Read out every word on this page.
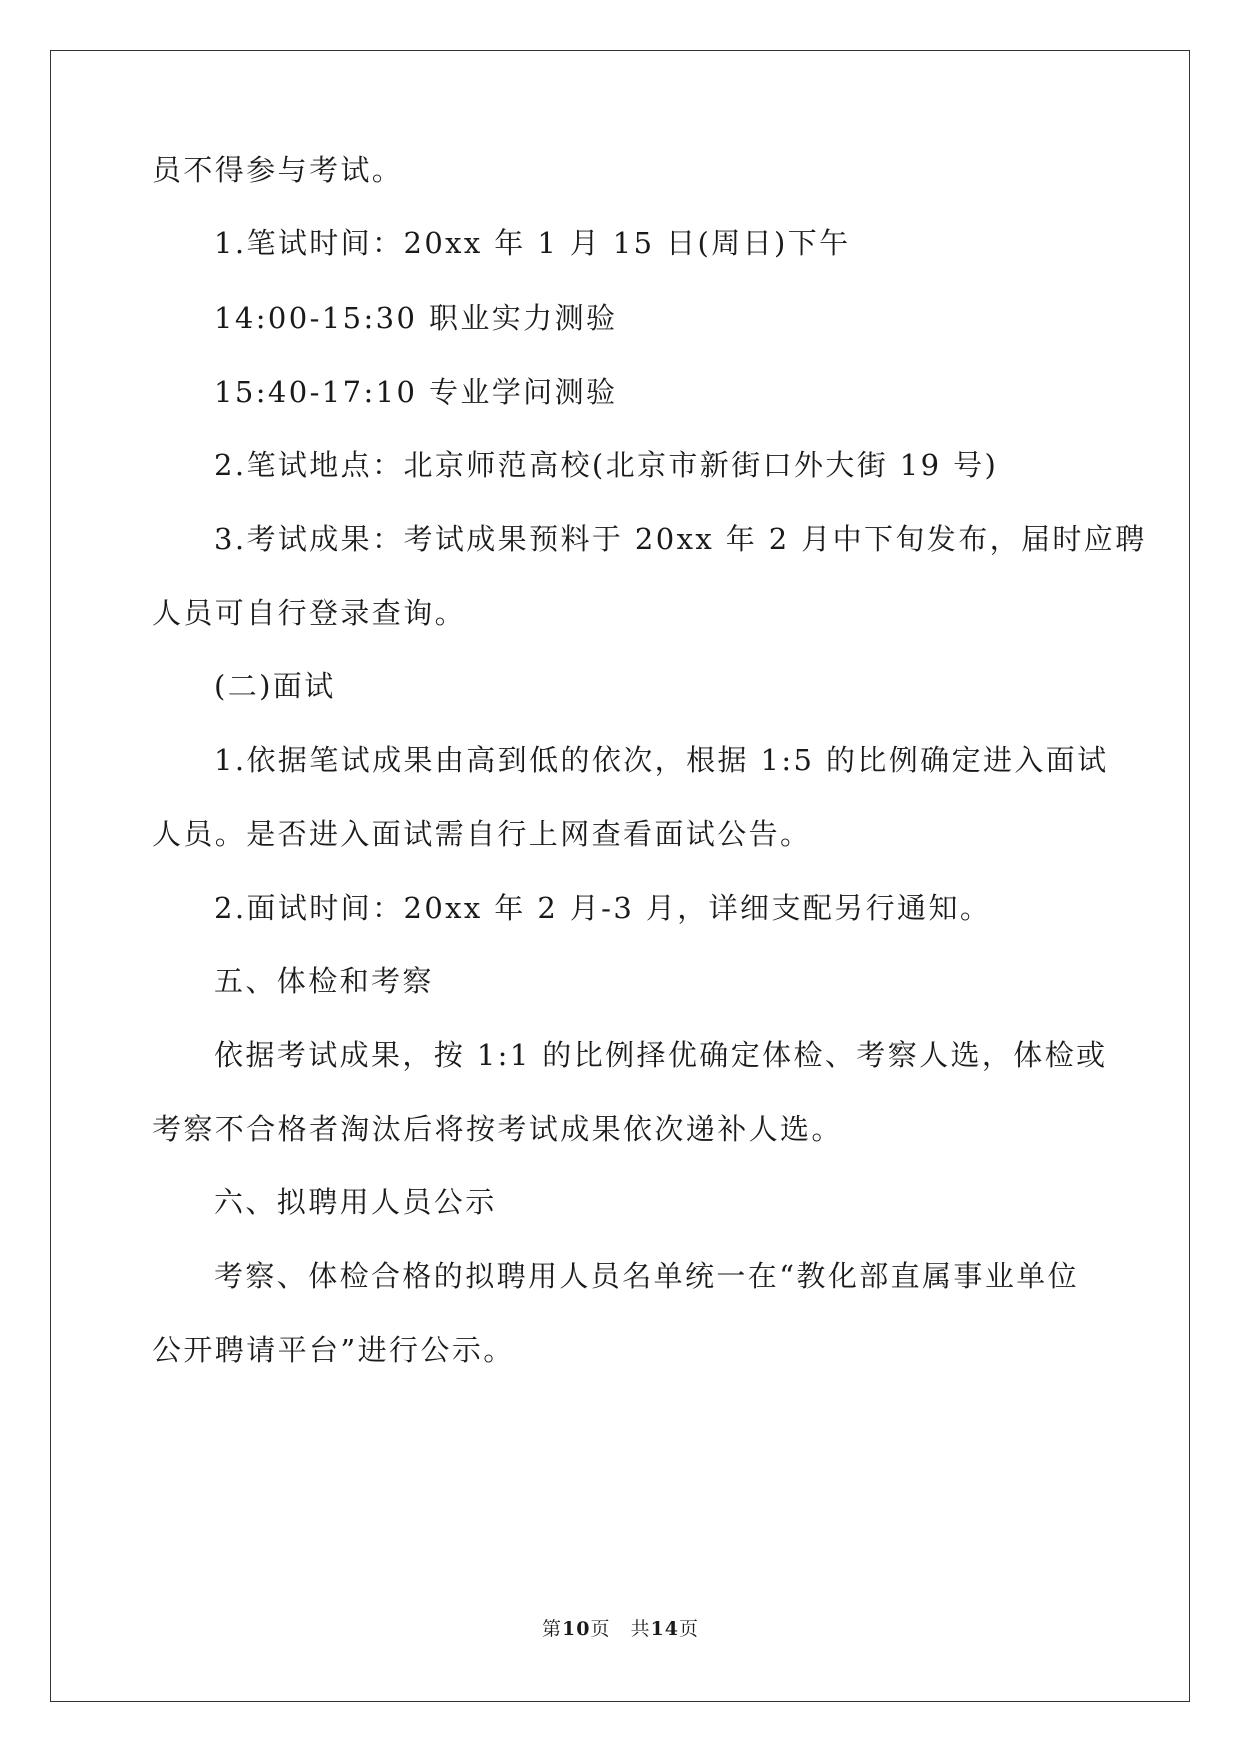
员不得参与考试。
1.笔试时间：20xx 年 1 月 15 日(周日)下午
14:00-15:30 职业实力测验
15:40-17:10 专业学问测验
2.笔试地点：北京师范高校(北京市新街口外大街 19 号)
3.考试成果：考试成果预料于 20xx 年 2 月中下旬发布，届时应聘
人员可自行登录查询。
(二)面试
1.依据笔试成果由高到低的依次，根据 1:5 的比例确定进入面试
人员。是否进入面试需自行上网查看面试公告。
2.面试时间：20xx 年 2 月-3 月，详细支配另行通知。
五、体检和考察
依据考试成果，按 1:1 的比例择优确定体检、考察人选，体检或
考察不合格者淘汰后将按考试成果依次递补人选。
六、拟聘用人员公示
考察、体检合格的拟聘用人员名单统一在“教化部直属事业单位
公开聘请平台”进行公示。
第10页　共14页
